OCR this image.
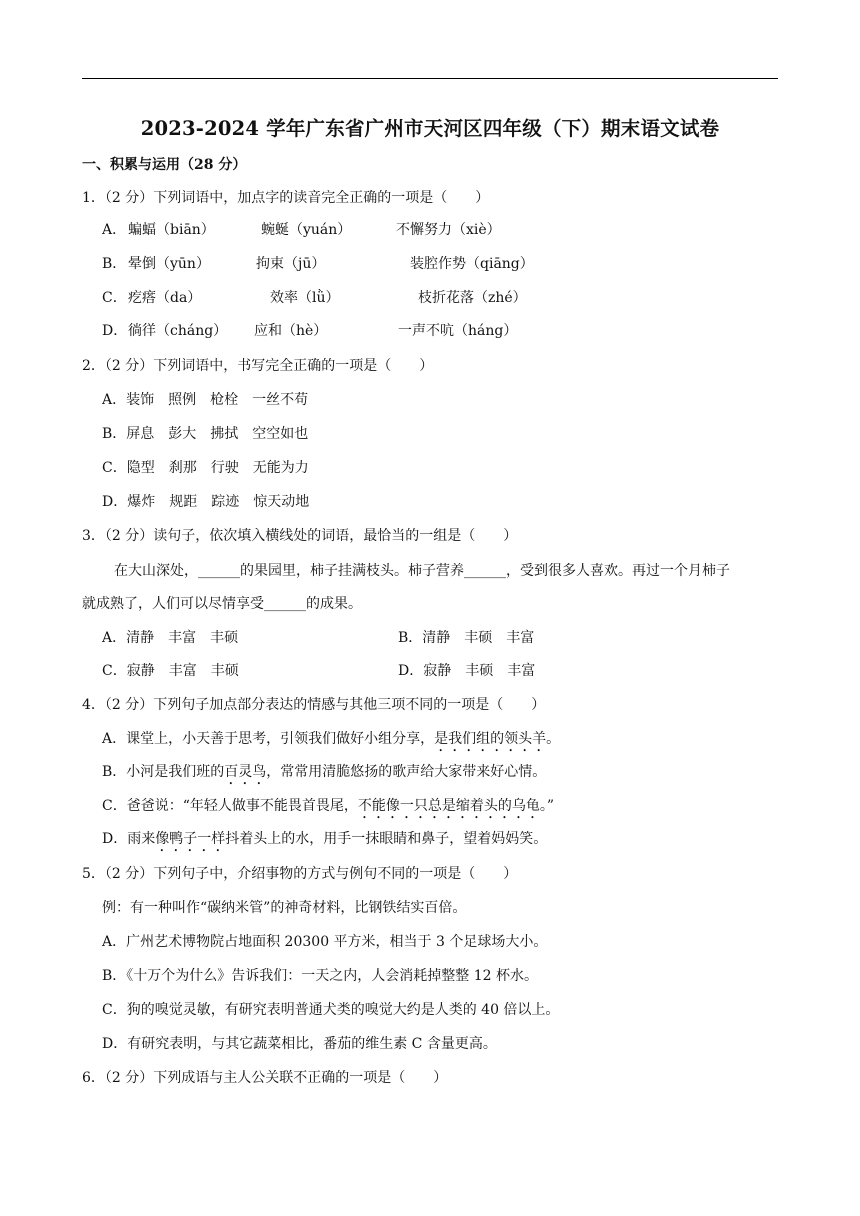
2023-2024 学年广东省广州市天河区四年级（下）期末语文试卷
一、积累与运用（28 分）
1．（2 分）下列词语中，加点字的读音完全正确的一项是（　　）
A． 蝙蝠（biān）	蜿蜒（yuán）	不懈努力（xiè）
B． 晕倒（yūn）	拘束（jū）	装腔作势（qiāng）
C． 疙瘩（da）	效率（lǜ）	枝折花落（zhé）
D． 徜徉（cháng） 应和（hè）	一声不吭（háng）
2．（2 分）下列词语中，书写完全正确的一项是（　　）
A．装饰　照例　枪栓　一丝不苟
B．屏息　彭大　拂拭　空空如也
C．隐型　刹那　行驶　无能为力
D．爆炸　规距　踪迹　惊天动地
3．（2 分）读句子，依次填入横线处的词语，最恰当的一组是（　　）
在大山深处，______的果园里，柿子挂满枝头。柿子营养______，受到很多人喜欢。再过一个月柿子
就成熟了，人们可以尽情享受______的成果。
A．清静　丰富　丰硕	B．清静　丰硕　丰富
C．寂静　丰富　丰硕	D．寂静　丰硕　丰富
4．（2 分）下列句子加点部分表达的情感与其他三项不同的一项是（　　）
A．课堂上，小天善于思考，引领我们做好小组分享，是我们组的领头羊。
B．小河是我们班的百灵鸟，常常用清脆悠扬的歌声给大家带来好心情。
C．爸爸说：“年轻人做事不能畏首畏尾，不能像一只总是缩着头的乌龟。”
D．雨来像鸭子一样抖着头上的水，用手一抹眼睛和鼻子，望着妈妈笑。
5．（2 分）下列句子中，介绍事物的方式与例句不同的一项是（　　）
例：有一种叫作“碳纳米管”的神奇材料，比钢铁结实百倍。
A．广州艺术博物院占地面积 20300 平方米，相当于 3 个足球场大小。
B．《十万个为什么》告诉我们：一天之内，人会消耗掉整整 12 杯水。
C．狗的嗅觉灵敏，有研究表明普通犬类的嗅觉大约是人类的 40 倍以上。
D．有研究表明，与其它蔬菜相比，番茄的维生素 C 含量更高。
6．（2 分）下列成语与主人公关联不正确的一项是（　　）
